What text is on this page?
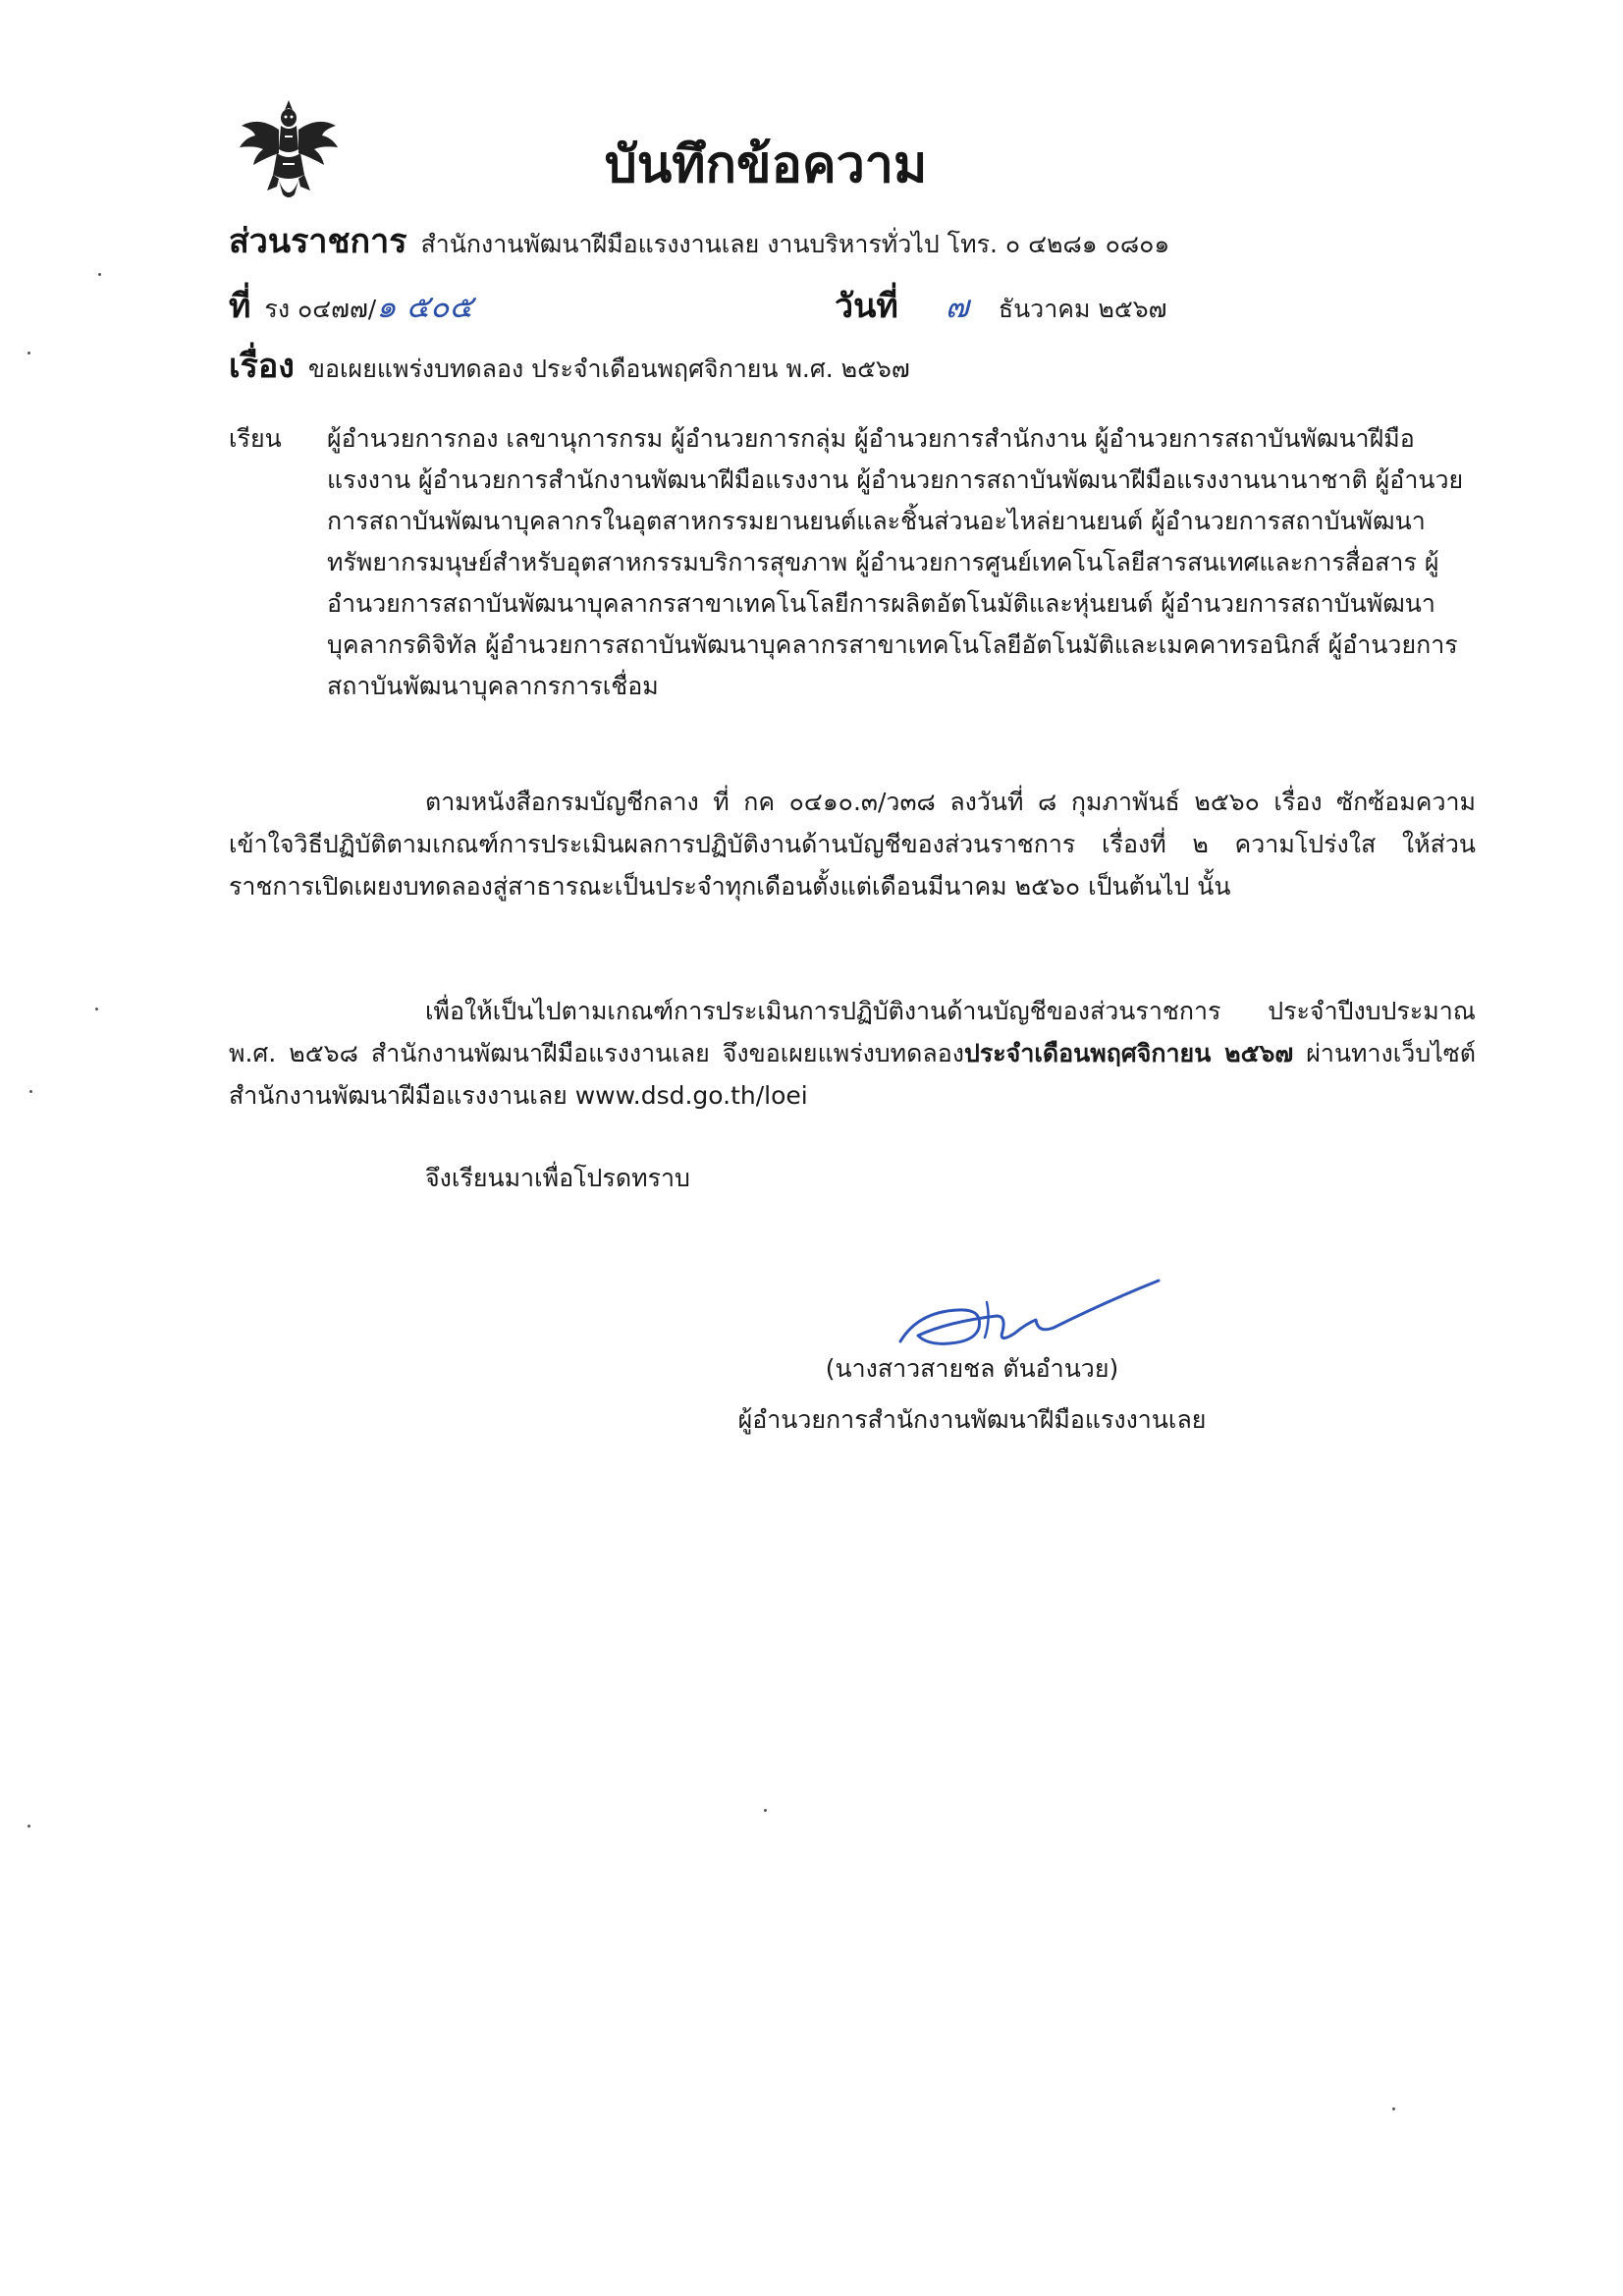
บันทึกข้อความ
ส่วนราชการ สำนักงานพัฒนาฝีมือแรงงานเลย งานบริหารทั่วไป โทร. ๐ ๔๒๘๑ ๐๘๐๑
ที่ รง ๐๔๗๗/๑ ๕๐๕	วันที่ ๗ ธันวาคม ๒๕๖๗
เรื่อง ขอเผยแพร่งบทดลอง ประจำเดือนพฤศจิกายน พ.ศ. ๒๕๖๗
เรียน ผู้อำนวยการกอง เลขานุการกรม ผู้อำนวยการกลุ่ม ผู้อำนวยการสำนักงาน ผู้อำนวยการสถาบันพัฒนาฝีมือแรงงาน ผู้อำนวยการสำนักงานพัฒนาฝีมือแรงงาน ผู้อำนวยการสถาบันพัฒนาฝีมือแรงงานนานาชาติ ผู้อำนวยการสถาบันพัฒนาบุคลากรในอุตสาหกรรมยานยนต์และชิ้นส่วนอะไหล่ยานยนต์ ผู้อำนวยการสถาบันพัฒนาทรัพยากรมนุษย์สำหรับอุตสาหกรรมบริการสุขภาพ ผู้อำนวยการศูนย์เทคโนโลยีสารสนเทศและการสื่อสาร ผู้อำนวยการสถาบันพัฒนาบุคลากรสาขาเทคโนโลยีการผลิตอัตโนมัติและหุ่นยนต์ ผู้อำนวยการสถาบันพัฒนาบุคลากรดิจิทัล ผู้อำนวยการสถาบันพัฒนาบุคลากรสาขาเทคโนโลยีอัตโนมัติและเมคคาทรอนิกส์ ผู้อำนวยการสถาบันพัฒนาบุคลากรการเชื่อม
ตามหนังสือกรมบัญชีกลาง ที่ กค ๐๔๑๐.๓/ว๓๘ ลงวันที่ ๘ กุมภาพันธ์ ๒๕๖๐ เรื่อง ซักซ้อมความเข้าใจวิธีปฏิบัติตามเกณฑ์การประเมินผลการปฏิบัติงานด้านบัญชีของส่วนราชการ เรื่องที่ ๒ ความโปร่งใส ให้ส่วนราชการเปิดเผยงบทดลองสู่สาธารณะเป็นประจำทุกเดือนตั้งแต่เดือนมีนาคม ๒๕๖๐ เป็นต้นไป นั้น
เพื่อให้เป็นไปตามเกณฑ์การประเมินการปฏิบัติงานด้านบัญชีของส่วนราชการ ประจำปีงบประมาณ พ.ศ. ๒๕๖๘ สำนักงานพัฒนาฝีมือแรงงานเลย จึงขอเผยแพร่งบทดลองประจำเดือนพฤศจิกายน ๒๕๖๗ ผ่านทางเว็บไซต์สำนักงานพัฒนาฝีมือแรงงานเลย www.dsd.go.th/loei
จึงเรียนมาเพื่อโปรดทราบ
(นางสาวสายชล ตันอำนวย)
ผู้อำนวยการสำนักงานพัฒนาฝีมือแรงงานเลย
